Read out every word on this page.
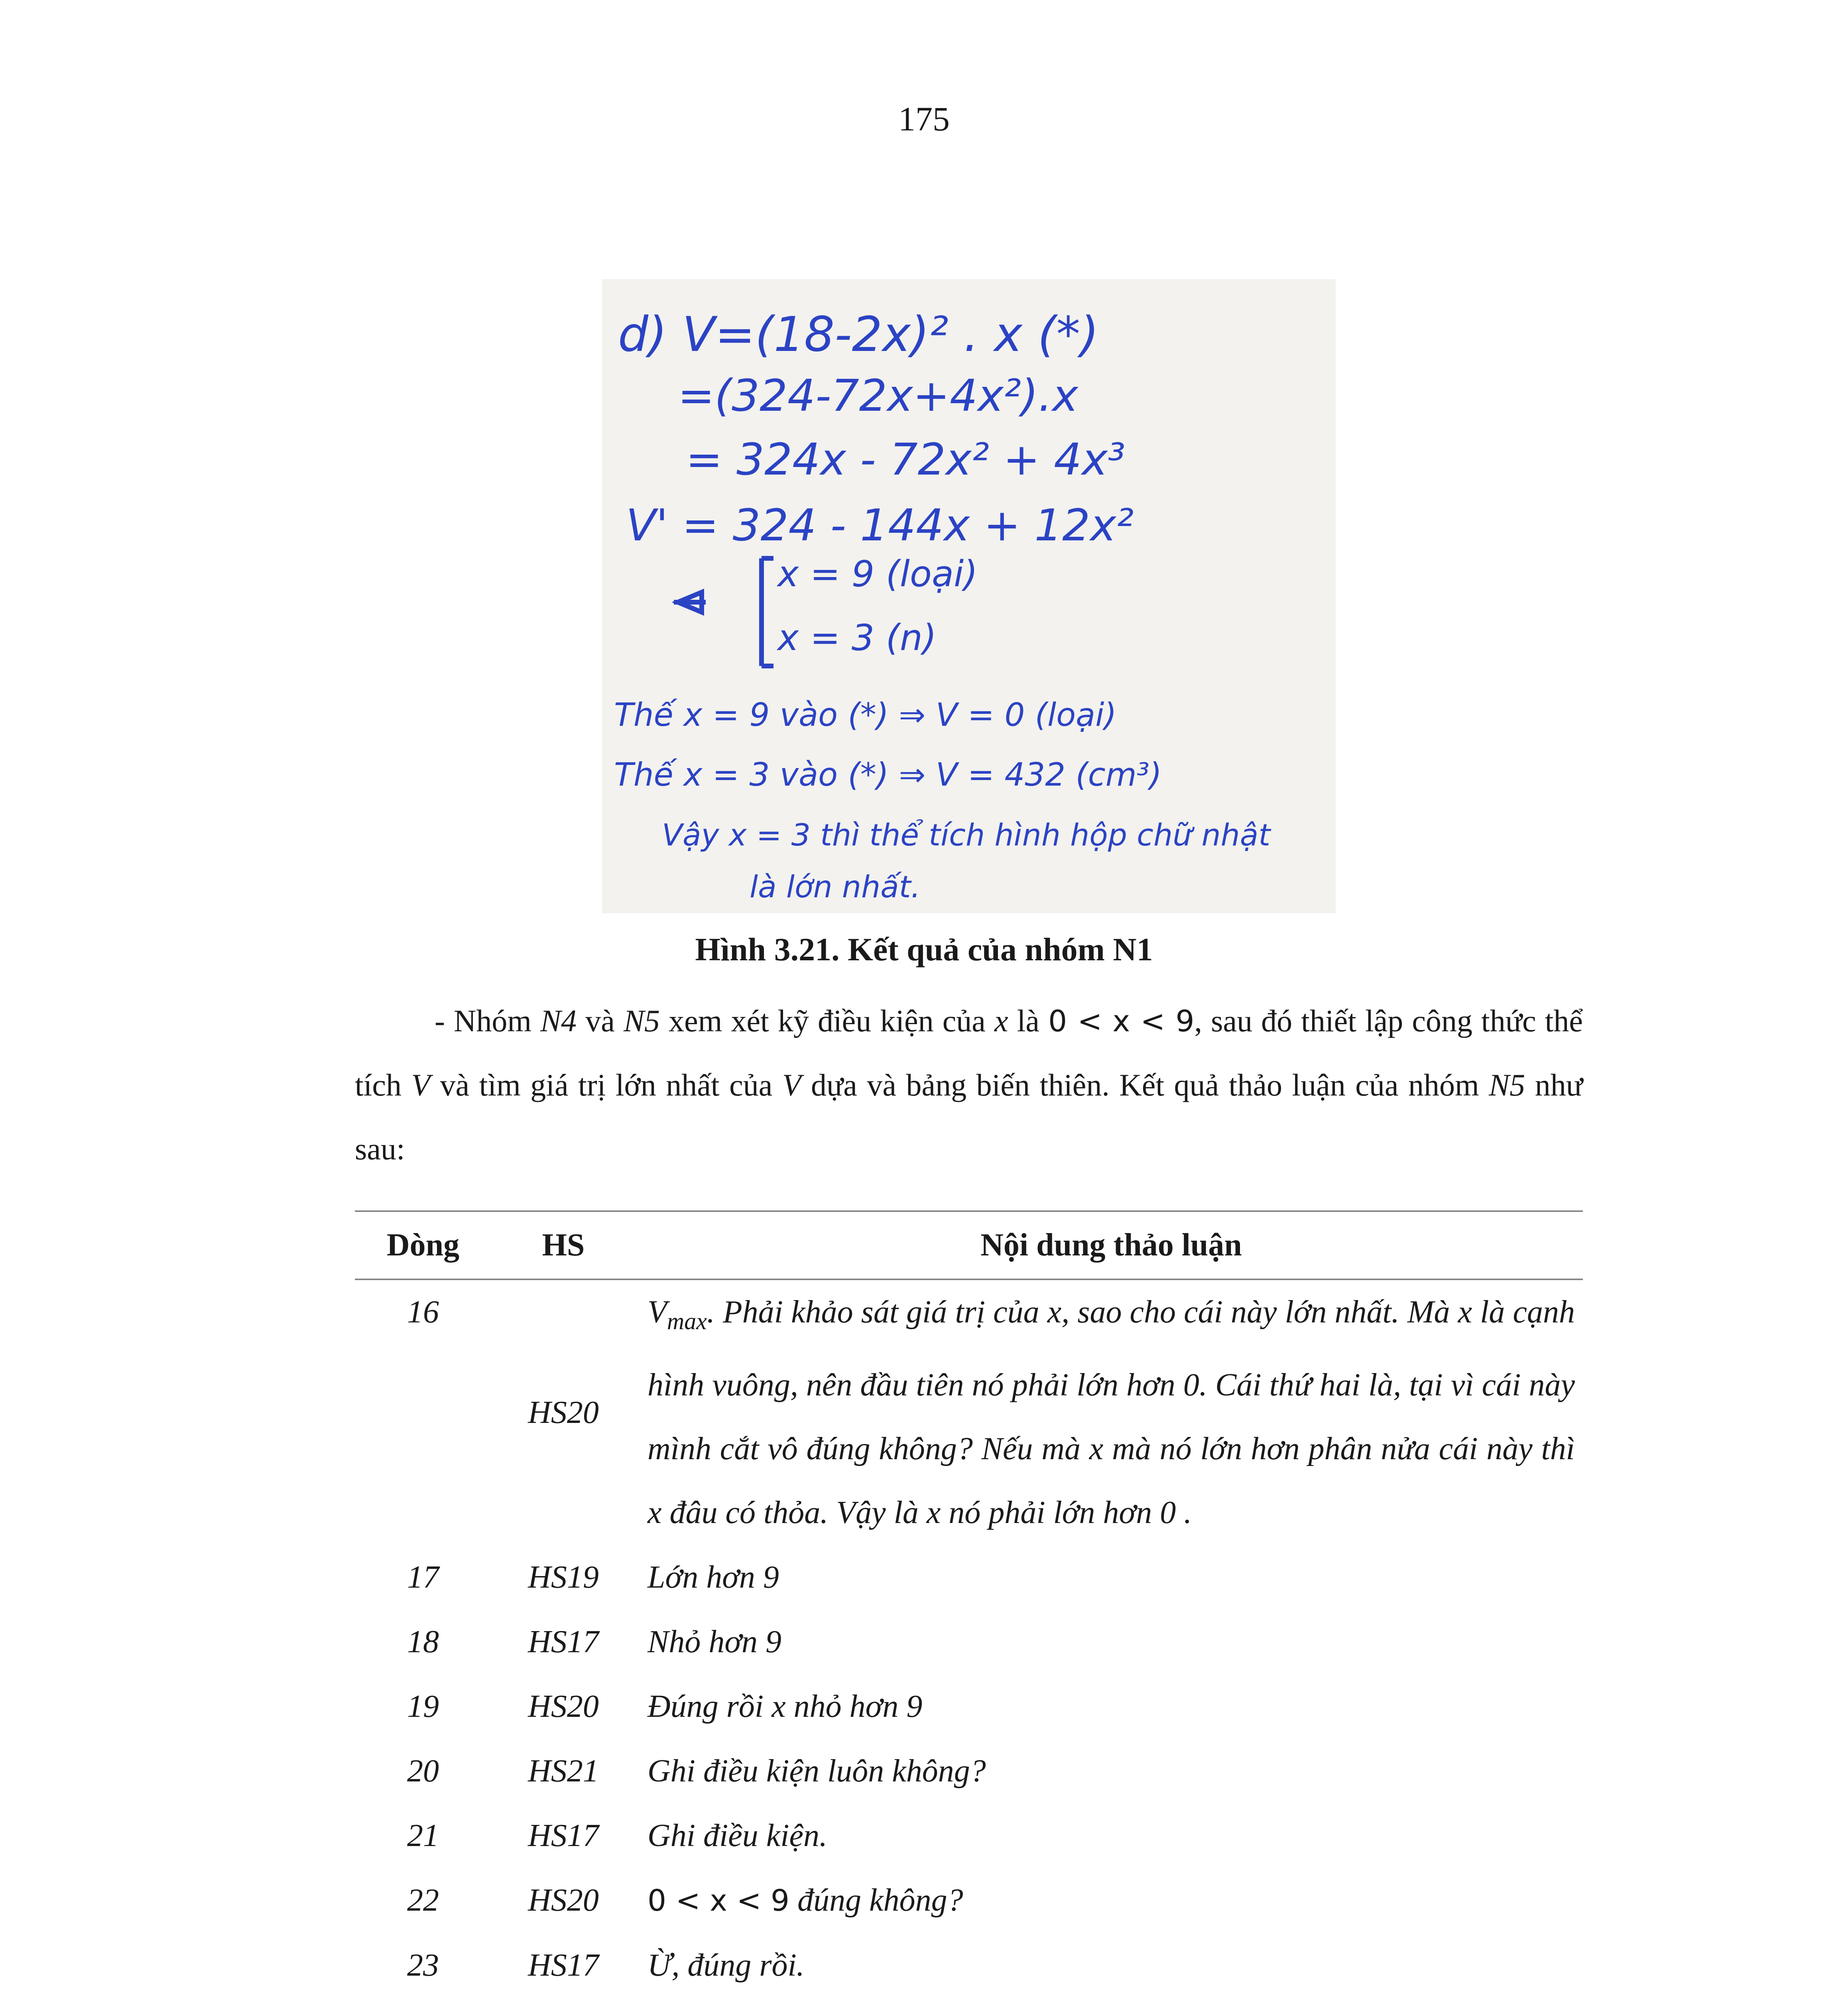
175
d) V=(18-2x)² . x (*)
=(324-72x+4x²).x
= 324x - 72x² + 4x³
V' = 324 - 144x + 12x²
x = 9 (loại)
x = 3 (n)
Thế x = 9 vào (*) ⇒ V = 0 (loại)
Thế x = 3 vào (*) ⇒ V = 432 (cm³)
Vậy x = 3 thì thể tích hình hộp chữ nhật
là lớn nhất.
Hình 3.21. Kết quả của nhóm N1
- Nhóm N4 và N5 xem xét kỹ điều kiện của x là 0 < x < 9, sau đó thiết lập công thức thể tích V và tìm giá trị lớn nhất của V dựa và bảng biến thiên. Kết quả thảo luận của nhóm N5 như sau:
Dòng	HS	Nội dung thảo luận
16	HS20	$V_{max}$. Phải khảo sát giá trị của x, sao cho cái này lớn nhất. Mà x là cạnh hình vuông, nên đầu tiên nó phải lớn hơn 0. Cái thứ hai là, tại vì cái này mình cắt vô đúng không? Nếu mà x mà nó lớn hơn phân nửa cái này thì x đâu có thỏa. Vậy là x nó phải lớn hơn 0 .
17	HS19	Lớn hơn 9
18	HS17	Nhỏ hơn 9
19	HS20	Đúng rồi x nhỏ hơn 9
20	HS21	Ghi điều kiện luôn không?
21	HS17	Ghi điều kiện.
22	HS20	0 < x < 9 đúng không?
23	HS17	Ừ, đúng rồi.
